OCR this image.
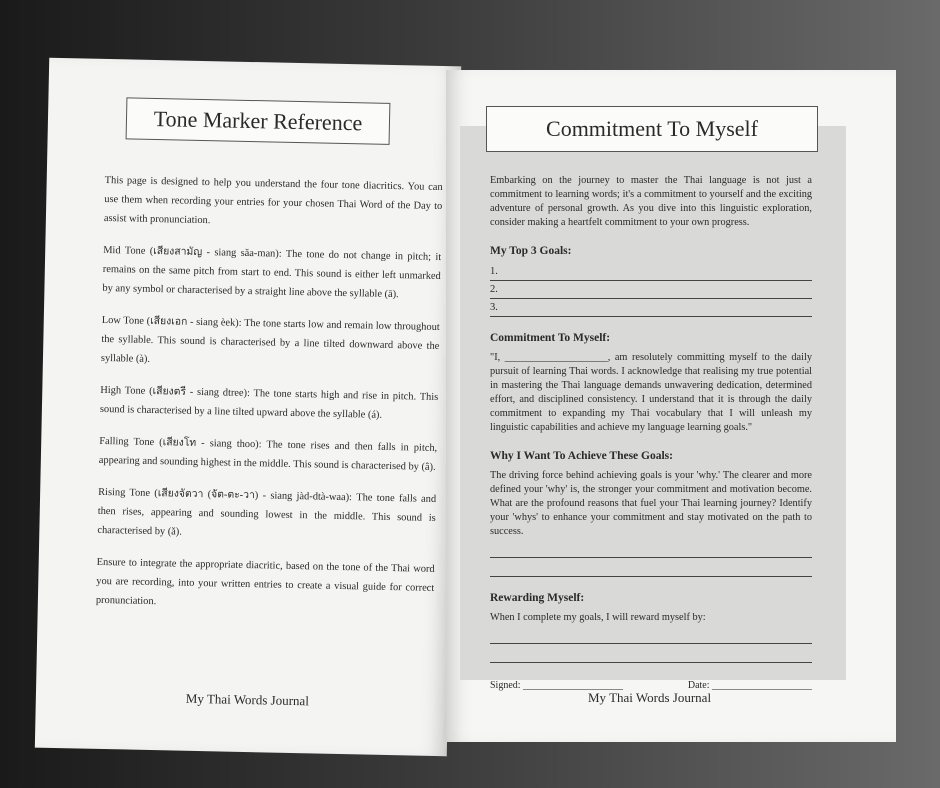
Tone Marker Reference

This page is designed to help you understand the four tone diacritics. You can use them when recording your entries for your chosen Thai Word of the Day to assist with pronunciation.

Mid Tone (เสียงสามัญ - siang săa-man): The tone do not change in pitch; it remains on the same pitch from start to end. This sound is either left unmarked by any symbol or characterised by a straight line above the syllable (ā).

Low Tone (เสียงเอก - siang èek): The tone starts low and remain low throughout the syllable. This sound is characterised by a line tilted downward above the syllable (à).

High Tone (เสียงตรี - siang dtree): The tone starts high and rise in pitch. This sound is characterised by a line tilted upward above the syllable (á).

Falling Tone (เสียงโท - siang thoo): The tone rises and then falls in pitch, appearing and sounding highest in the middle. This sound is characterised by (â).

Rising Tone (เสียงจัตวา (จัต-ตะ-วา) - siang jàd-dtà-waa): The tone falls and then rises, appearing and sounding lowest in the middle. This sound is characterised by (ǎ).

Ensure to integrate the appropriate diacritic, based on the tone of the Thai word you are recording, into your written entries to create a visual guide for correct pronunciation.

My Thai Words Journal
Commitment To Myself

Embarking on the journey to master the Thai language is not just a commitment to learning words; it's a commitment to yourself and the exciting adventure of personal growth. As you dive into this linguistic exploration, consider making a heartfelt commitment to your own progress.

My Top 3 Goals:
1.
2.
3.
Commitment To Myself:

"I, ____________________, am resolutely committing myself to the daily pursuit of learning Thai words. I acknowledge that realising my true potential in mastering the Thai language demands unwavering dedication, determined effort, and disciplined consistency. I understand that it is through the daily commitment to expanding my Thai vocabulary that I will unleash my linguistic capabilities and achieve my language learning goals."

Why I Want To Achieve These Goals:

The driving force behind achieving goals is your 'why.' The clearer and more defined your 'why' is, the stronger your commitment and motivation become. What are the profound reasons that fuel your Thai learning journey? Identify your 'whys' to enhance your commitment and stay motivated on the path to success.

Rewarding Myself:

When I complete my goals, I will reward myself by:

Signed: ____________________	Date: ____________________
My Thai Words Journal
